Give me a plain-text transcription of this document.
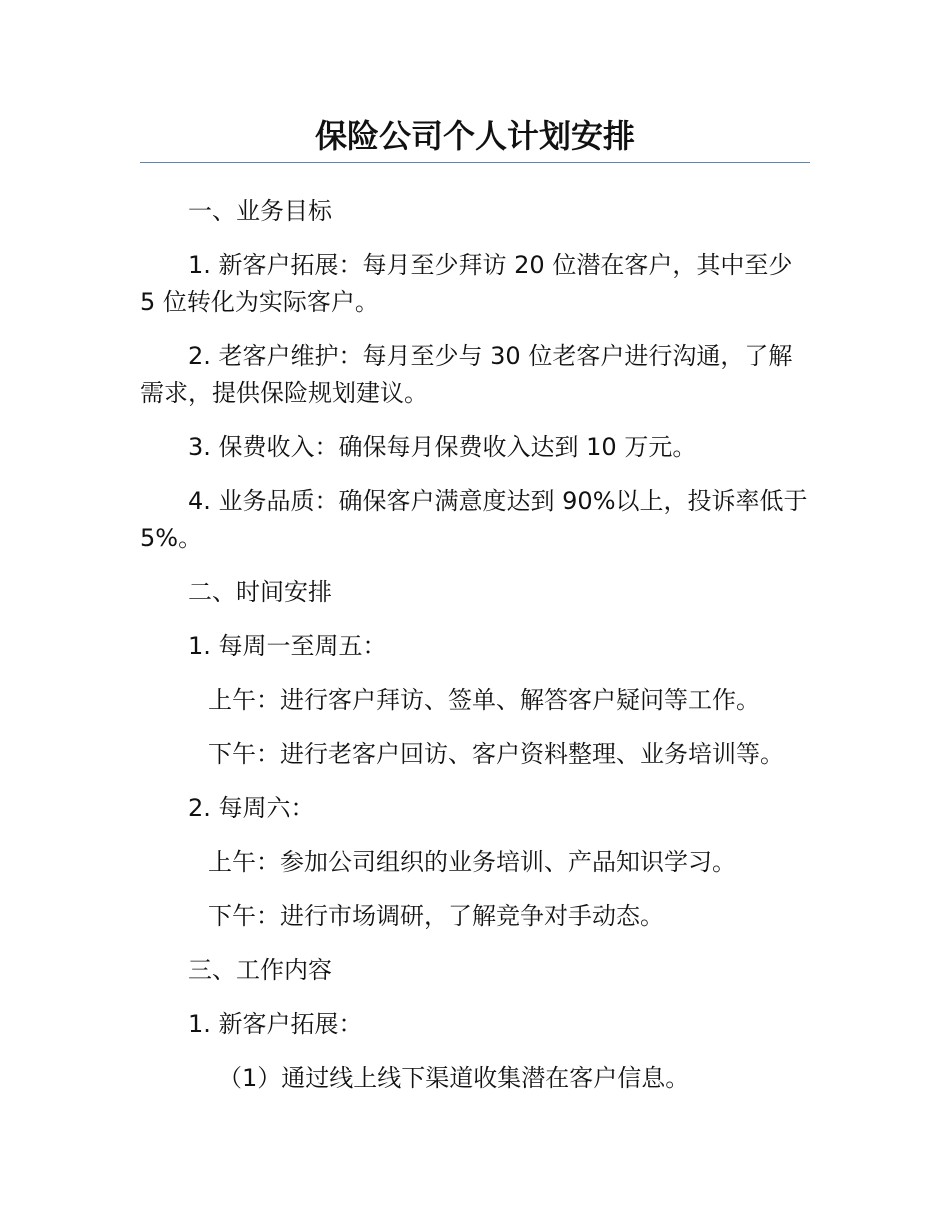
保险公司个人计划安排

一、业务目标

1. 新客户拓展：每月至少拜访 20 位潜在客户，其中至少 5 位转化为实际客户。

2. 老客户维护：每月至少与 30 位老客户进行沟通，了解需求，提供保险规划建议。

3. 保费收入：确保每月保费收入达到 10 万元。

4. 业务品质：确保客户满意度达到 90%以上，投诉率低于 5%。

二、时间安排

1. 每周一至周五：

上午：进行客户拜访、签单、解答客户疑问等工作。

下午：进行老客户回访、客户资料整理、业务培训等。

2. 每周六：

上午：参加公司组织的业务培训、产品知识学习。

下午：进行市场调研，了解竞争对手动态。

三、工作内容

1. 新客户拓展：

（1）通过线上线下渠道收集潜在客户信息。
